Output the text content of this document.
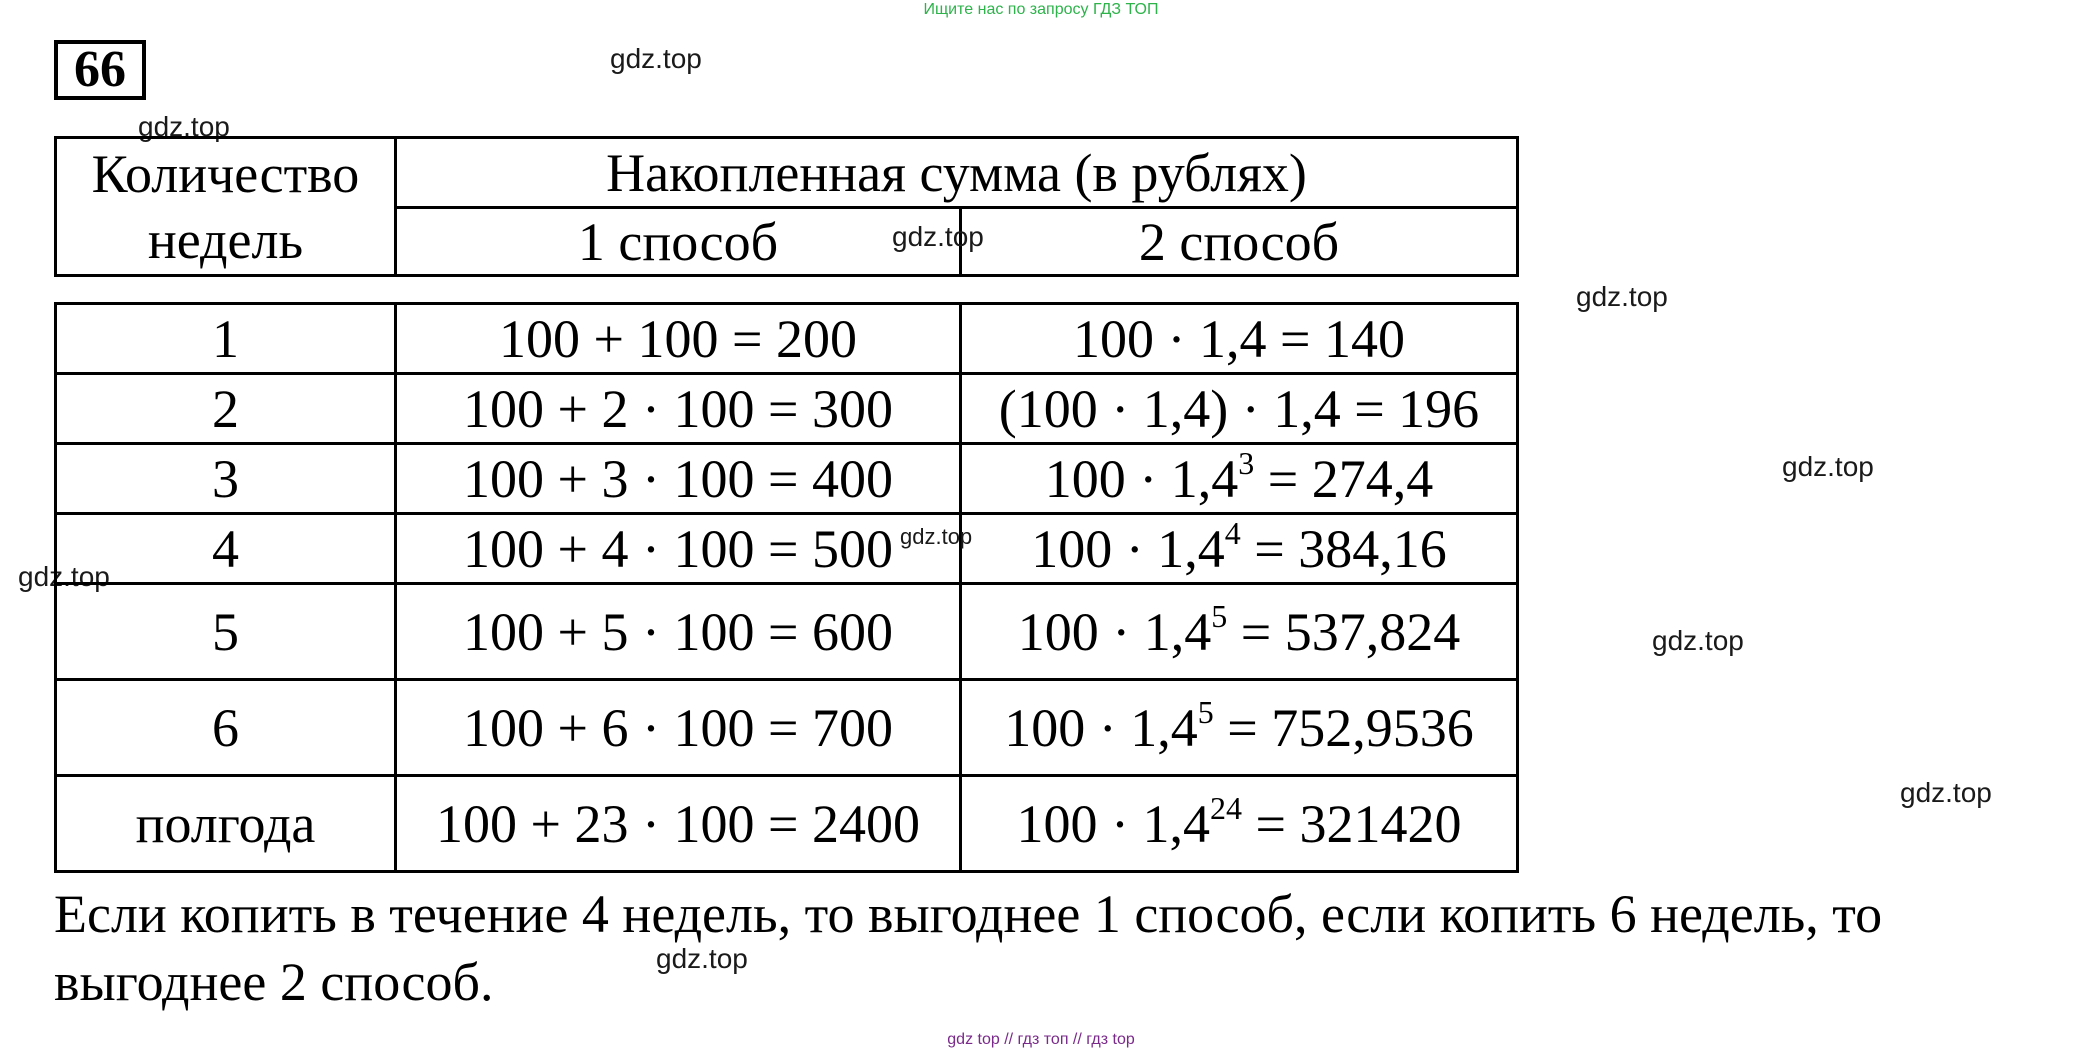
Ищите нас по запросу ГДЗ ТОП
66	gdz.top
gdz.top
gdz.top
gdz.top
gdz.top
gdz.top
gdz.top
gdz.top
Количество недель	Накопленная сумма (в рублях)	
	1 способ	2 способ
1	100 + 100 = 200	100 · 1,4 = 140
2	100 + 2 · 100 = 300	(100 · 1,4) · 1,4 = 196
3	100 + 3 · 100 = 400	$100 \cdot 1,4^3 = 274,4$
4	100 + 4 · 100 = 500	$100 \cdot 1,4^4 = 384,16$
5	100 + 5 · 100 = 600	$100 \cdot 1,4^5 = 537,824$
6	100 + 6 · 100 = 700	$100 \cdot 1,4^5 = 752,9536$
полгода	100 + 23 · 100 = 2400	$100 \cdot 1,4^{24} = 321420$
gdz.top
gdz.top
Если копить в течение 4 недель, то выгоднее 1 способ, если копить 6 недель, то выгоднее 2 способ.
gdz top // гдз топ // гдз top
